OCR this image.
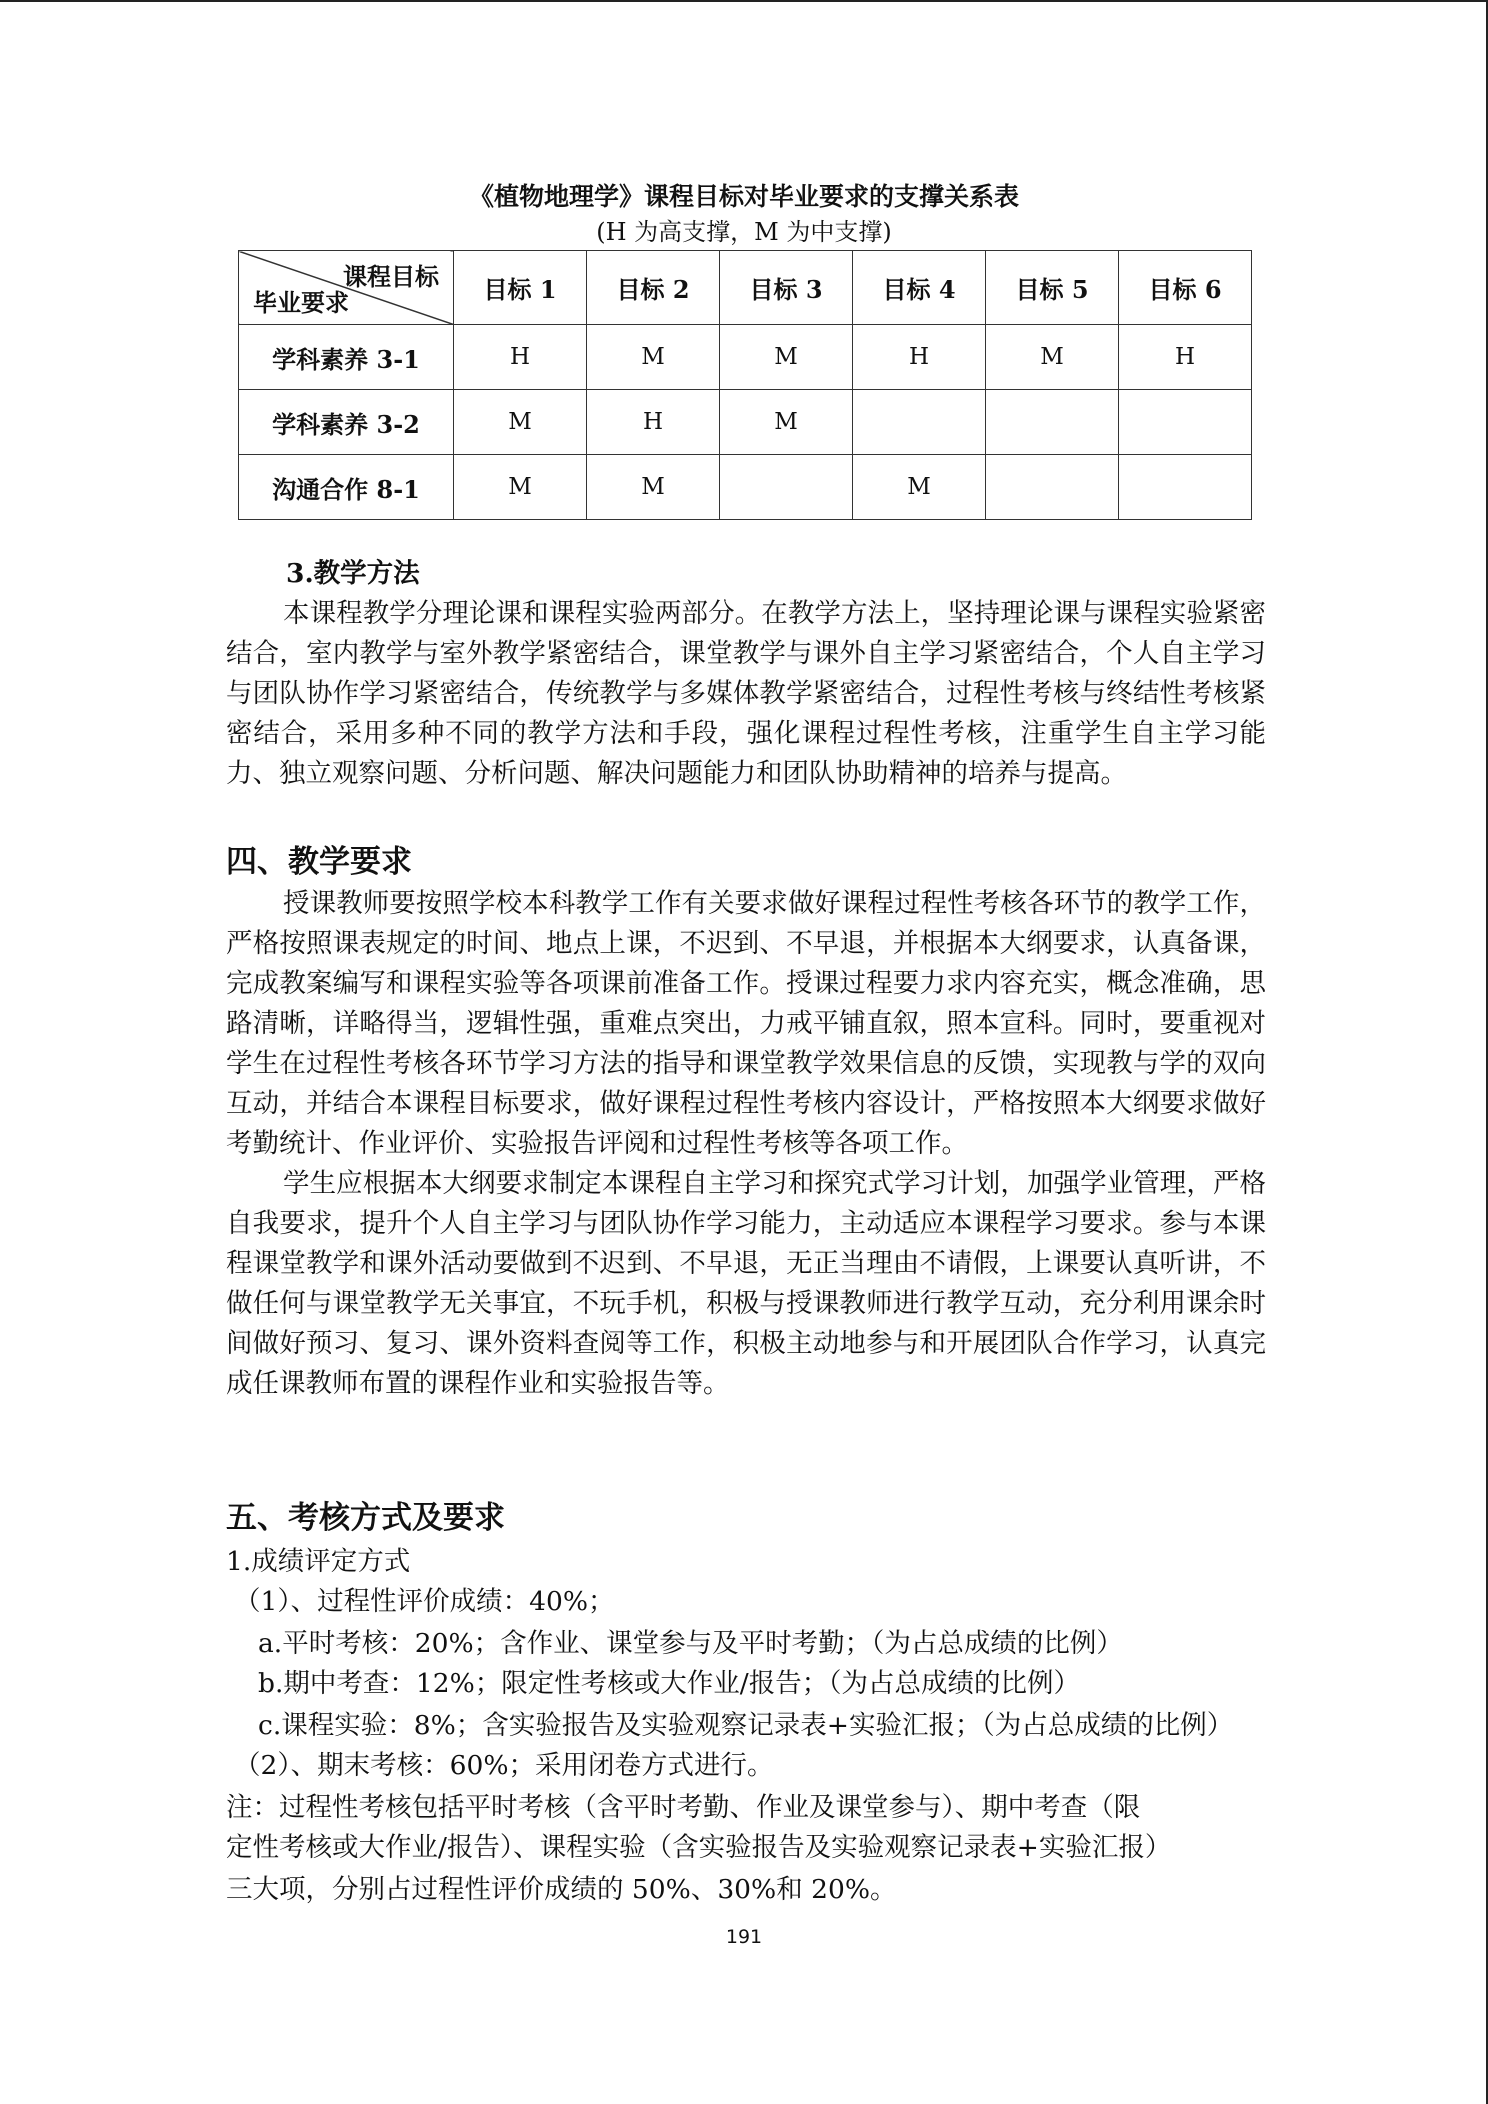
《植物地理学》课程目标对毕业要求的支撑关系表
(H 为高支撑，M 为中支撑)
课程目标
毕业要求	目标 1	目标 2	目标 3	目标 4	目标 5	目标 6
学科素养 3-1	H	M	M	H	M	H
学科素养 3-2	M	H	M			
沟通合作 8-1	M	M		M		
3.教学方法

本课程教学分理论课和课程实验两部分。在教学方法上，坚持理论课与课程实验紧密结合，室内教学与室外教学紧密结合，课堂教学与课外自主学习紧密结合，个人自主学习与团队协作学习紧密结合，传统教学与多媒体教学紧密结合，过程性考核与终结性考核紧密结合，采用多种不同的教学方法和手段，强化课程过程性考核，注重学生自主学习能力、独立观察问题、分析问题、解决问题能力和团队协助精神的培养与提高。

四、教学要求

授课教师要按照学校本科教学工作有关要求做好课程过程性考核各环节的教学工作，严格按照课表规定的时间、地点上课，不迟到、不早退，并根据本大纲要求，认真备课，完成教案编写和课程实验等各项课前准备工作。授课过程要力求内容充实，概念准确，思路清晰，详略得当，逻辑性强，重难点突出，力戒平铺直叙，照本宣科。同时，要重视对学生在过程性考核各环节学习方法的指导和课堂教学效果信息的反馈，实现教与学的双向互动，并结合本课程目标要求，做好课程过程性考核内容设计，严格按照本大纲要求做好考勤统计、作业评价、实验报告评阅和过程性考核等各项工作。

学生应根据本大纲要求制定本课程自主学习和探究式学习计划，加强学业管理，严格自我要求，提升个人自主学习与团队协作学习能力，主动适应本课程学习要求。参与本课程课堂教学和课外活动要做到不迟到、不早退，无正当理由不请假，上课要认真听讲，不做任何与课堂教学无关事宜，不玩手机，积极与授课教师进行教学互动，充分利用课余时间做好预习、复习、课外资料查阅等工作，积极主动地参与和开展团队合作学习，认真完成任课教师布置的课程作业和实验报告等。

五、考核方式及要求
1.成绩评定方式
（1）、过程性评价成绩：40%；
a.平时考核：20%；含作业、课堂参与及平时考勤；（为占总成绩的比例）
b.期中考查：12%；限定性考核或大作业/报告；（为占总成绩的比例）
c.课程实验：8%；含实验报告及实验观察记录表+实验汇报；（为占总成绩的比例）
（2）、期末考核：60%；采用闭卷方式进行。
注：过程性考核包括平时考核（含平时考勤、作业及课堂参与）、期中考查（限
定性考核或大作业/报告）、课程实验（含实验报告及实验观察记录表+实验汇报）
三大项，分别占过程性评价成绩的 50%、30%和 20%。
191
